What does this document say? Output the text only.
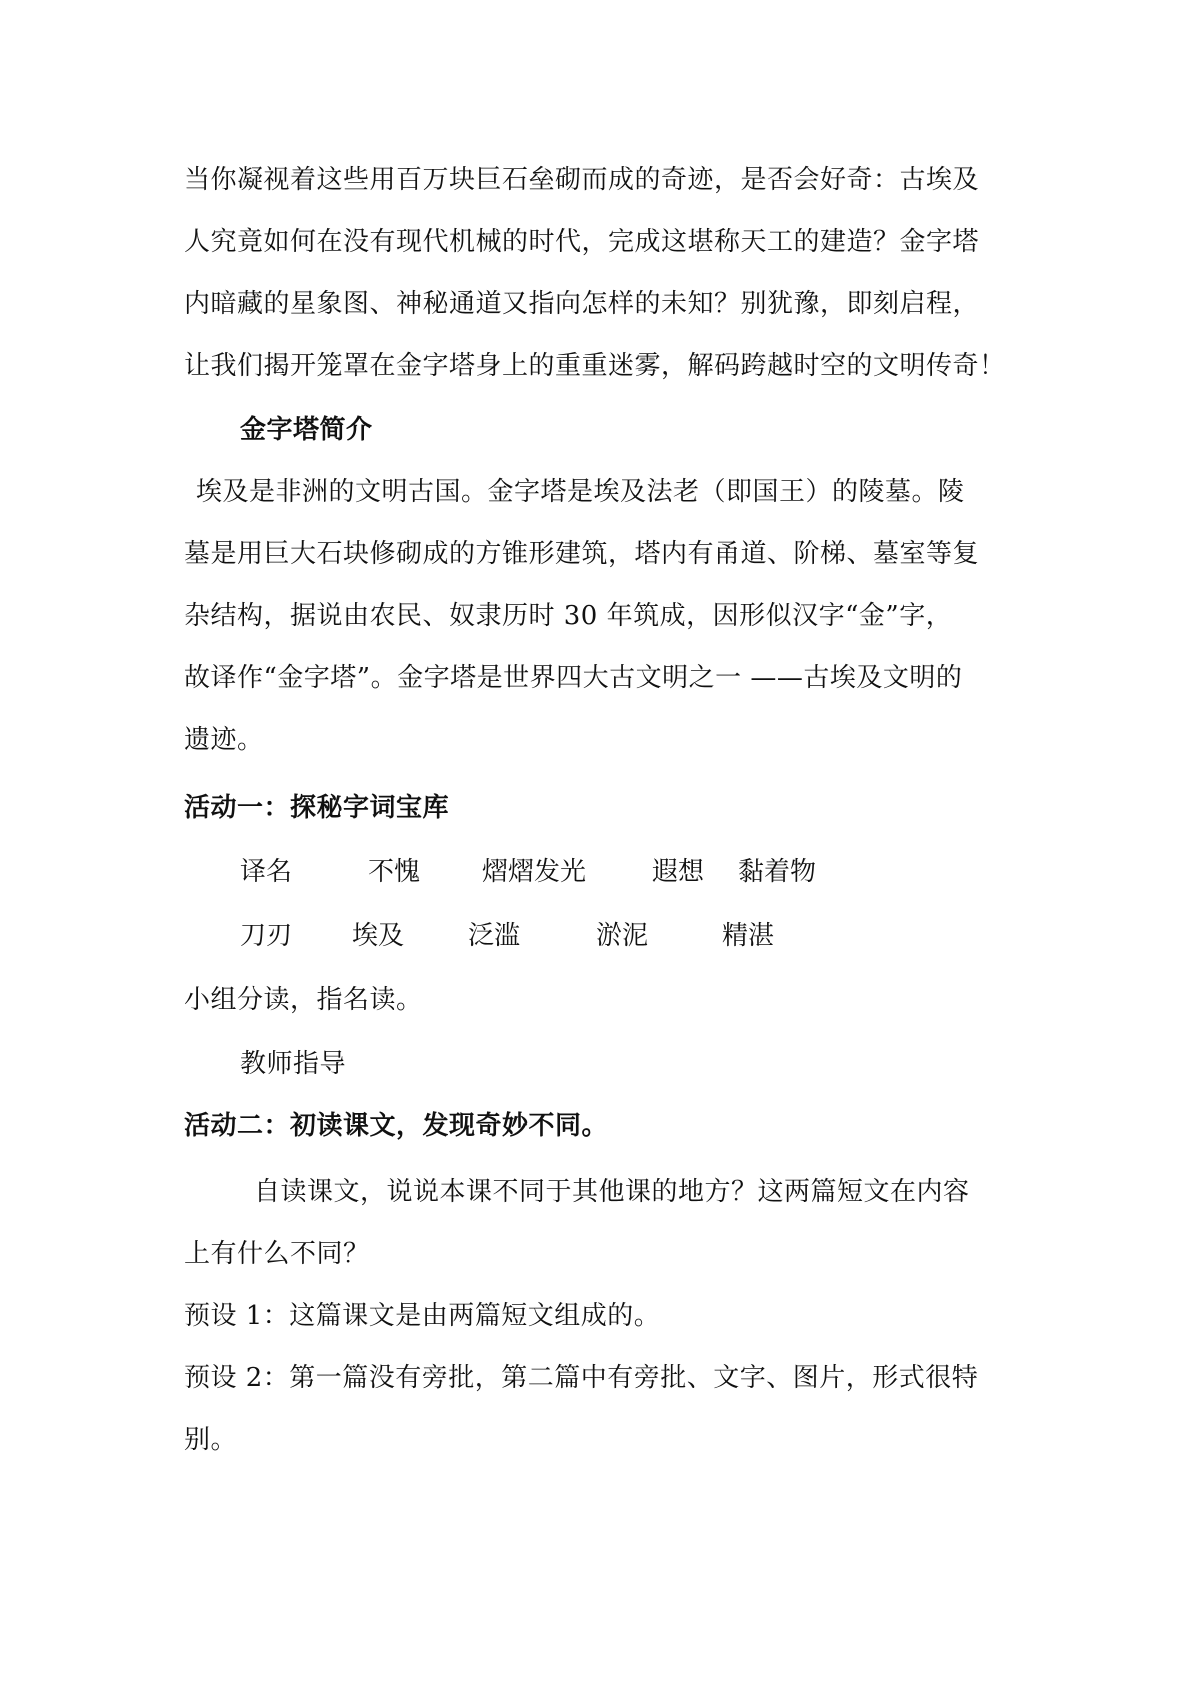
当你凝视着这些用百万块巨石垒砌而成的奇迹，是否会好奇：古埃及
人究竟如何在没有现代机械的时代，完成这堪称天工的建造？金字塔
内暗藏的星象图、神秘通道又指向怎样的未知？别犹豫，即刻启程，
让我们揭开笼罩在金字塔身上的重重迷雾，解码跨越时空的文明传奇！
金字塔简介
埃及是非洲的文明古国。金字塔是埃及法老（即国王）的陵墓。陵
墓是用巨大石块修砌成的方锥形建筑，塔内有甬道、阶梯、墓室等复
杂结构，据说由农民、奴隶历时 30 年筑成，因形似汉字“金”字，
故译作“金字塔”。金字塔是世界四大古文明之一 ——古埃及文明的
遗迹。
活动一：探秘字词宝库
译名	不愧 熠熠发光	遐想 黏着物
刀刃 埃及 泛滥	淤泥	精湛
小组分读，指名读。
教师指导
活动二：初读课文，发现奇妙不同。
自读课文，说说本课不同于其他课的地方？这两篇短文在内容
上有什么不同？
预设 1：这篇课文是由两篇短文组成的。
预设 2：第一篇没有旁批，第二篇中有旁批、文字、图片，形式很特
别。
